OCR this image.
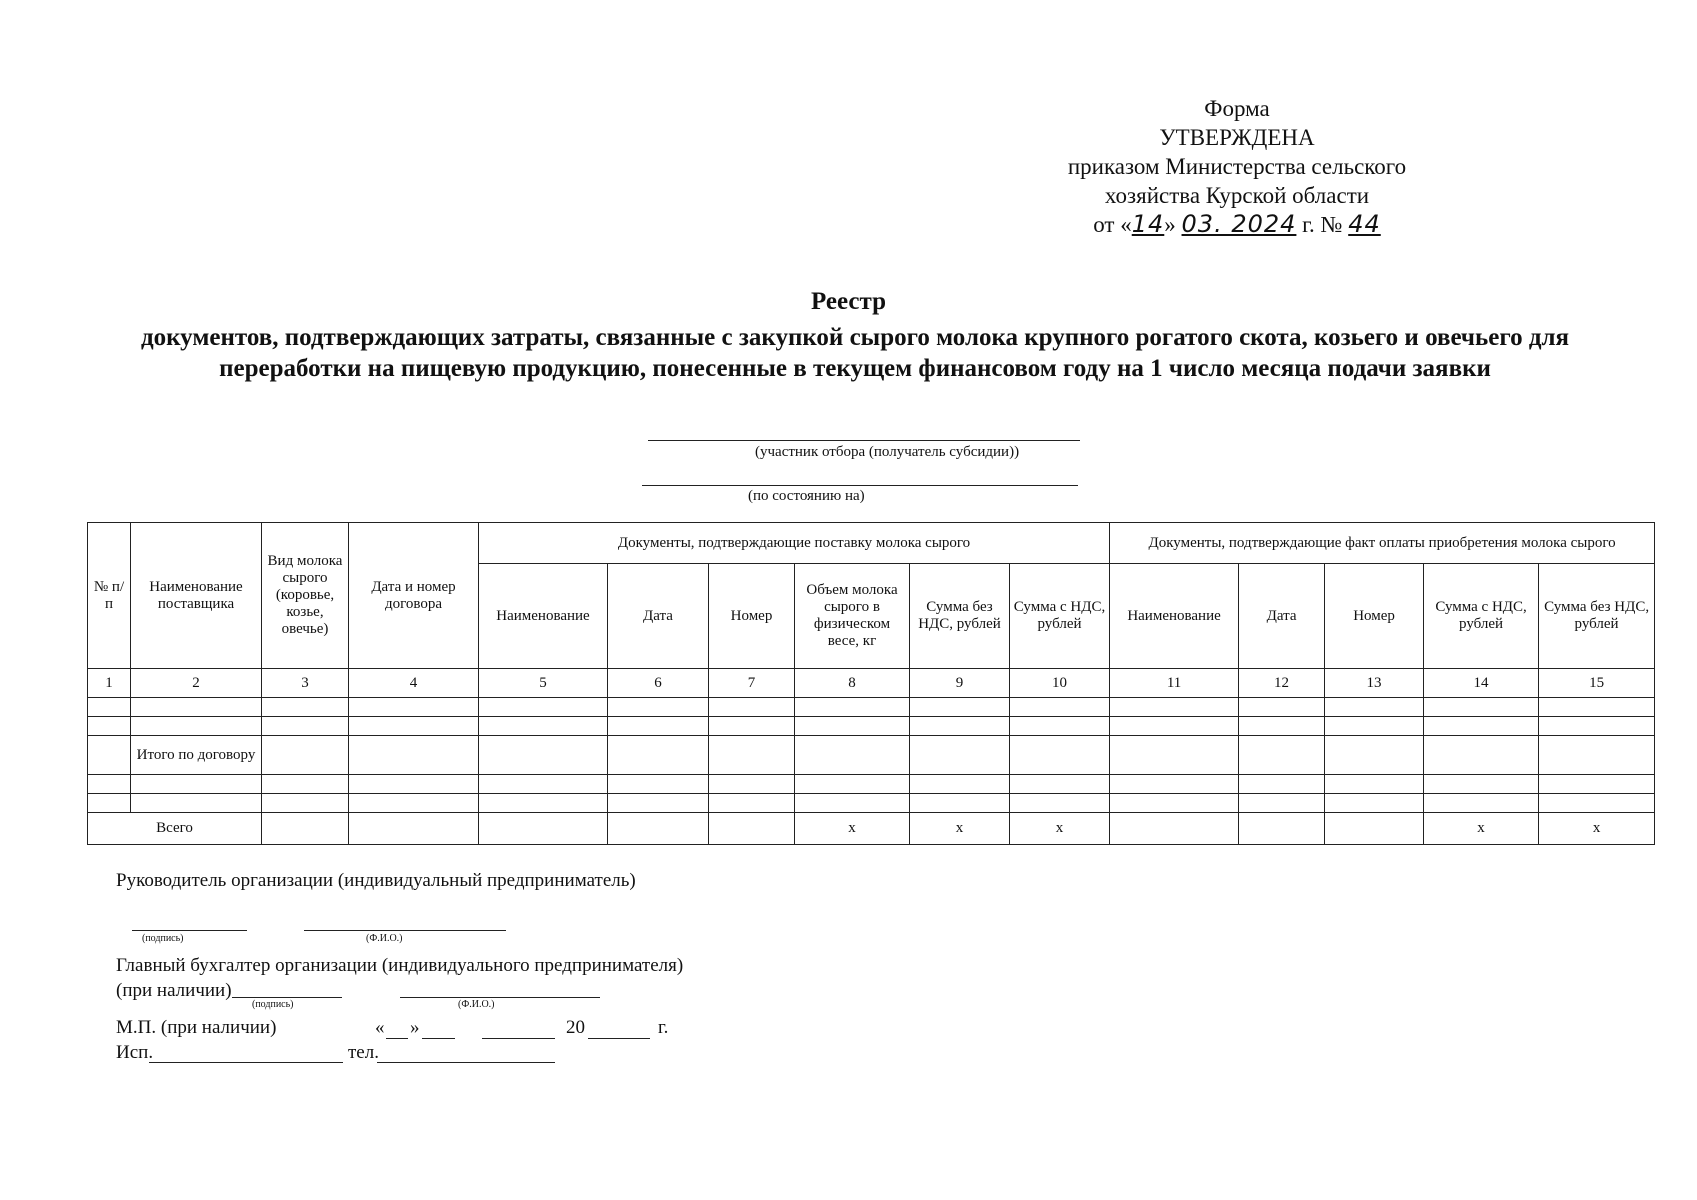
Форма
УТВЕРЖДЕНА
приказом Министерства сельского
хозяйства Курской области
от «14» 03. 2024 г. № 44
Реестр
документов, подтверждающих затраты, связанные с закупкой сырого молока крупного рогатого скота, козьего и овечьего для переработки на пищевую продукцию, понесенные в текущем финансовом году на 1 число месяца подачи заявки
(участник отбора (получатель субсидии))
(по состоянию на)
№ п/п	Наименование поставщика	Вид молока сырого (коровье, козье, овечье)	Дата и номер договора	Документы, подтверждающие поставку молока сырого						Документы, подтверждающие факт оплаты приобретения молока сырого				
				Наименование	Дата	Номер	Объем молока сырого в физическом весе, кг	Сумма без НДС, рублей	Сумма с НДС, рублей	Наименование	Дата	Номер	Сумма с НДС, рублей	Сумма без НДС, рублей
1	2	3	4	5	6	7	8	9	10	11	12	13	14	15

	Итого по договору													

Всего							х	х	х				х	х
Руководитель организации (индивидуальный предприниматель)
(подпись)	(Ф.И.О.)
Главный бухгалтер организации (индивидуального предпринимателя)
(при наличии)
(подпись)	(Ф.И.О.)
М.П. (при наличии)	« »	20	г.
Исп.	тел.
